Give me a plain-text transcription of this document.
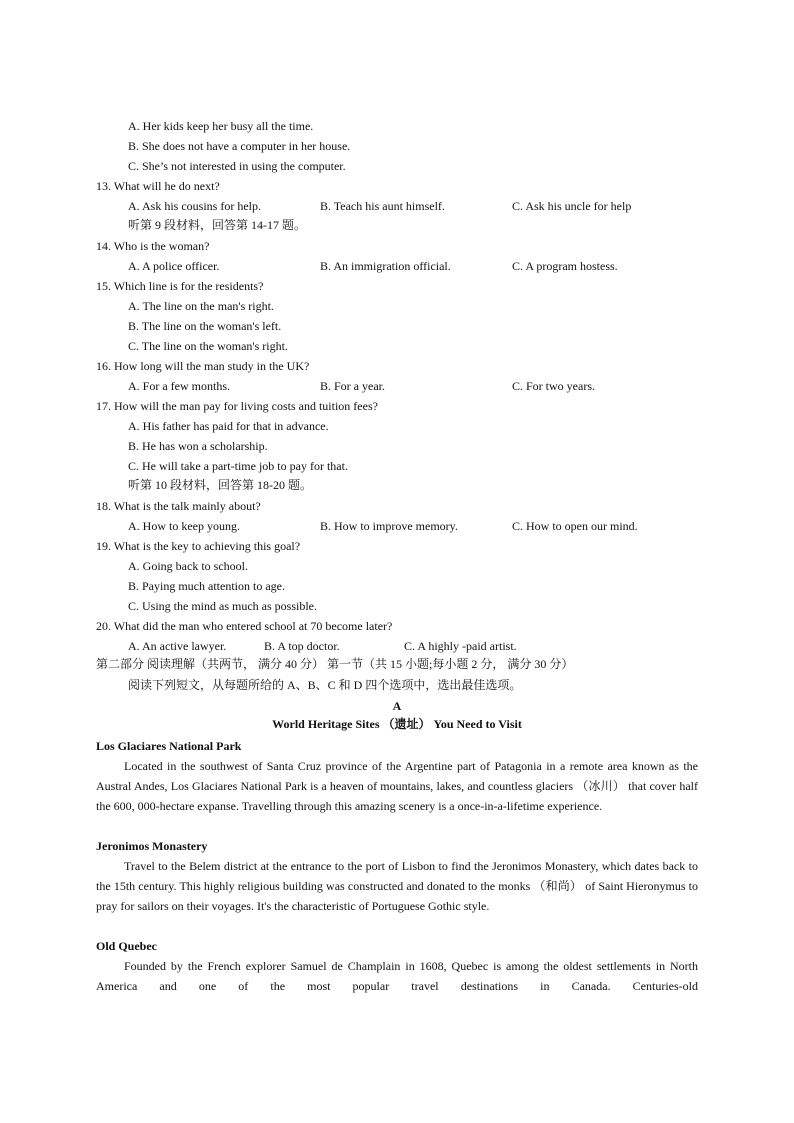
A. Her kids keep her busy all the time.
B. She does not have a computer in her house.
C. She’s not interested in using the computer.
13. What will he do next?
A. Ask his cousins for help.	B. Teach his aunt himself.	C. Ask his uncle for help
听第 9 段材料，回答第 14-17 题。
14. Who is the woman?
A. A police officer.	B. An immigration official.	C. A program hostess.
15. Which line is for the residents?
A. The line on the man's right.
B. The line on the woman's left.
C. The line on the woman's right.
16. How long will the man study in the UK?
A. For a few months.	B. For a year.	C. For two years.
17. How will the man pay for living costs and tuition fees?
A. His father has paid for that in advance.
B. He has won a scholarship.
C. He will take a part-time job to pay for that.
听第 10 段材料，回答第 18-20 题。
18. What is the talk mainly about?
A. How to keep young.	B. How to improve memory.	C. How to open our mind.
19. What is the key to achieving this goal?
A. Going back to school.
B. Paying much attention to age.
C. Using the mind as much as possible.
20. What did the man who entered school at 70 become later?
A. An active lawyer.	B. A top doctor.	C. A highly -paid artist.
第二部分 阅读理解（共两节， 满分 40 分） 第一节（共 15 小题;每小题 2 分， 满分 30 分）
阅读下列短文，从每题所给的 A、B、C 和 D 四个选项中，选出最佳选项。
A
World Heritage Sites （遗址） You Need to Visit
Los Glaciares National Park

Located in the southwest of Santa Cruz province of the Argentine part of Patagonia in a remote area known as the Austral Andes, Los Glaciares National Park is a heaven of mountains, lakes, and countless glaciers （冰川） that cover half the 600, 000-hectare expanse. Travelling through this amazing scenery is a once-in-a-lifetime experience.

Jeronimos Monastery

Travel to the Belem district at the entrance to the port of Lisbon to find the Jeronimos Monastery, which dates back to the 15th century. This highly religious building was constructed and donated to the monks （和尚） of Saint Hieronymus to pray for sailors on their voyages. It's the characteristic of Portuguese Gothic style.

Old Quebec

Founded by the French explorer Samuel de Champlain in 1608, Quebec is among the oldest settlements in North America and one of the most popular travel destinations in Canada. Centuries-old
